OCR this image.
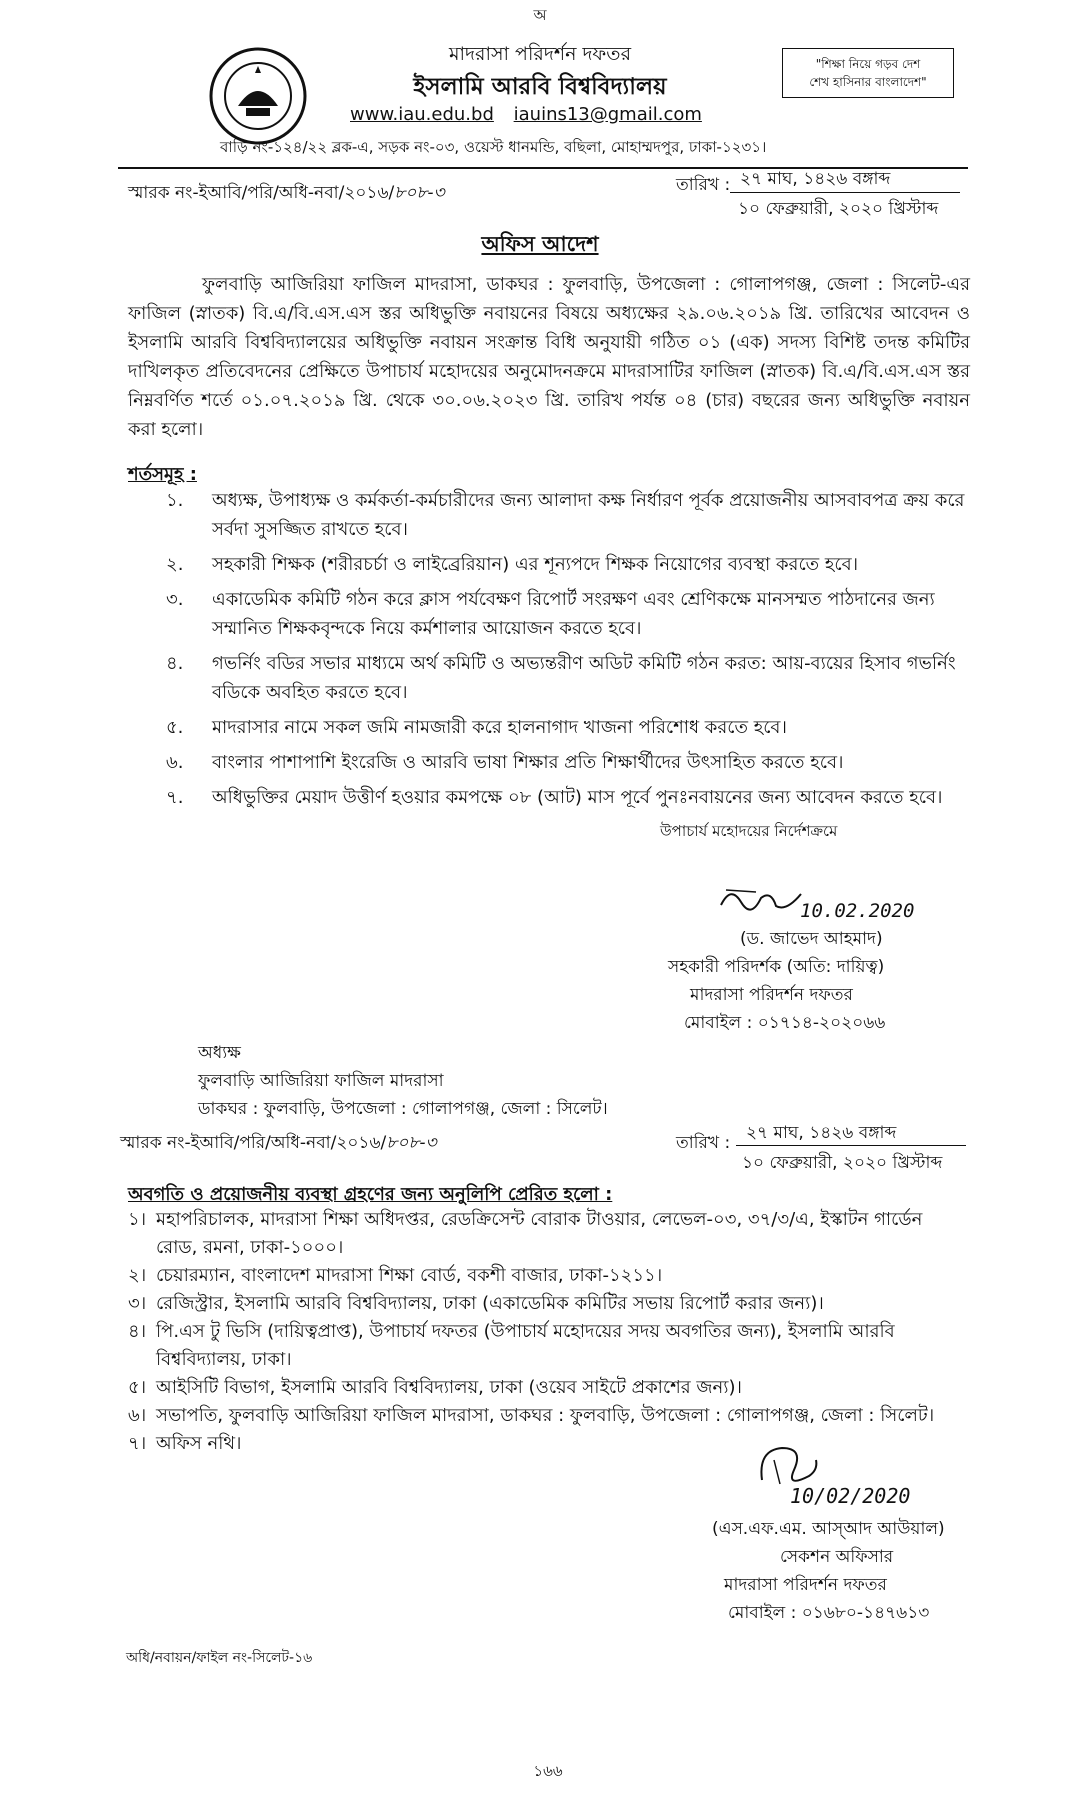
অ
মাদরাসা পরিদর্শন দফতর
ইসলামি আরবি বিশ্ববিদ্যালয়
www.iau.edu.bd iauins13@gmail.com
বাড়ি নং-১২৪/২২ ব্লক-এ, সড়ক নং-০৩, ওয়েস্ট ধানমন্ডি, বছিলা, মোহাম্মদপুর, ঢাকা-১২৩১।
"শিক্ষা নিয়ে গড়ব দেশ
শেখ হাসিনার বাংলাদেশ"
স্মারক নং-ইআবি/পরি/অধি-নবা/২০১৬/৮০৮-৩	তারিখ : ২৭ মাঘ, ১৪২৬ বঙ্গাব্দ
১০ ফেব্রুয়ারী, ২০২০ খ্রিস্টাব্দ
অফিস আদেশ
ফুলবাড়ি আজিরিয়া ফাজিল মাদরাসা, ডাকঘর : ফুলবাড়ি, উপজেলা : গোলাপগঞ্জ, জেলা : সিলেট-এর ফাজিল (স্নাতক) বি.এ/বি.এস.এস স্তর অধিভুক্তি নবায়নের বিষয়ে অধ্যক্ষের ২৯.০৬.২০১৯ খ্রি. তারিখের আবেদন ও ইসলামি আরবি বিশ্ববিদ্যালয়ের অধিভুক্তি নবায়ন সংক্রান্ত বিধি অনুযায়ী গঠিত ০১ (এক) সদস্য বিশিষ্ট তদন্ত কমিটির দাখিলকৃত প্রতিবেদনের প্রেক্ষিতে উপাচার্য মহোদয়ের অনুমোদনক্রমে মাদরাসাটির ফাজিল (স্নাতক) বি.এ/বি.এস.এস স্তর নিম্নবর্ণিত শর্তে ০১.০৭.২০১৯ খ্রি. থেকে ৩০.০৬.২০২৩ খ্রি. তারিখ পর্যন্ত ০৪ (চার) বছরের জন্য অধিভুক্তি নবায়ন করা হলো।
শর্তসমূহ :
১.	অধ্যক্ষ, উপাধ্যক্ষ ও কর্মকর্তা-কর্মচারীদের জন্য আলাদা কক্ষ নির্ধারণ পূর্বক প্রয়োজনীয় আসবাবপত্র ক্রয় করে সর্বদা সুসজ্জিত রাখতে হবে।
২.	সহকারী শিক্ষক (শরীরচর্চা ও লাইব্রেরিয়ান) এর শূন্যপদে শিক্ষক নিয়োগের ব্যবস্থা করতে হবে।
৩.	একাডেমিক কমিটি গঠন করে ক্লাস পর্যবেক্ষণ রিপোর্ট সংরক্ষণ এবং শ্রেণিকক্ষে মানসম্মত পাঠদানের জন্য সম্মানিত শিক্ষকবৃন্দকে নিয়ে কর্মশালার আয়োজন করতে হবে।
৪.	গভর্নিং বডির সভার মাধ্যমে অর্থ কমিটি ও অভ্যন্তরীণ অডিট কমিটি গঠন করত: আয়-ব্যয়ের হিসাব গভর্নিং বডিকে অবহিত করতে হবে।
৫.	মাদরাসার নামে সকল জমি নামজারী করে হালনাগাদ খাজনা পরিশোধ করতে হবে।
৬.	বাংলার পাশাপাশি ইংরেজি ও আরবি ভাষা শিক্ষার প্রতি শিক্ষার্থীদের উৎসাহিত করতে হবে।
৭.	অধিভুক্তির মেয়াদ উত্তীর্ণ হওয়ার কমপক্ষে ০৮ (আট) মাস পূর্বে পুনঃনবায়নের জন্য আবেদন করতে হবে।
উপাচার্য মহোদয়ের নির্দেশক্রমে
10.02.2020
(ড. জাভেদ আহমাদ)
সহকারী পরিদর্শক (অতি: দায়িত্ব)
মাদরাসা পরিদর্শন দফতর
মোবাইল : ০১৭১৪-২০২০৬৬
অধ্যক্ষ
ফুলবাড়ি আজিরিয়া ফাজিল মাদরাসা
ডাকঘর : ফুলবাড়ি, উপজেলা : গোলাপগঞ্জ, জেলা : সিলেট।
স্মারক নং-ইআবি/পরি/অধি-নবা/২০১৬/৮০৮-৩	তারিখ : ২৭ মাঘ, ১৪২৬ বঙ্গাব্দ
১০ ফেব্রুয়ারী, ২০২০ খ্রিস্টাব্দ
অবগতি ও প্রয়োজনীয় ব্যবস্থা গ্রহণের জন্য অনুলিপি প্রেরিত হলো :
১। মহাপরিচালক, মাদরাসা শিক্ষা অধিদপ্তর, রেডক্রিসেন্ট বোরাক টাওয়ার, লেভেল-০৩, ৩৭/৩/এ, ইস্কাটন গার্ডেন রোড, রমনা, ঢাকা-১০০০।
২। চেয়ারম্যান, বাংলাদেশ মাদরাসা শিক্ষা বোর্ড, বকশী বাজার, ঢাকা-১২১১।
৩। রেজিস্ট্রার, ইসলামি আরবি বিশ্ববিদ্যালয়, ঢাকা (একাডেমিক কমিটির সভায় রিপোর্ট করার জন্য)।
৪। পি.এস টু ভিসি (দায়িত্বপ্রাপ্ত), উপাচার্য দফতর (উপাচার্য মহোদয়ের সদয় অবগতির জন্য), ইসলামি আরবি বিশ্ববিদ্যালয়, ঢাকা।
৫। আইসিটি বিভাগ, ইসলামি আরবি বিশ্ববিদ্যালয়, ঢাকা (ওয়েব সাইটে প্রকাশের জন্য)।
৬। সভাপতি, ফুলবাড়ি আজিরিয়া ফাজিল মাদরাসা, ডাকঘর : ফুলবাড়ি, উপজেলা : গোলাপগঞ্জ, জেলা : সিলেট।
৭। অফিস নথি।
10/02/2020
(এস.এফ.এম. আস্‌আদ আউয়াল)
সেকশন অফিসার
মাদরাসা পরিদর্শন দফতর
মোবাইল : ০১৬৮০-১৪৭৬১৩
অধি/নবায়ন/ফাইল নং-সিলেট-১৬
১৬৬
